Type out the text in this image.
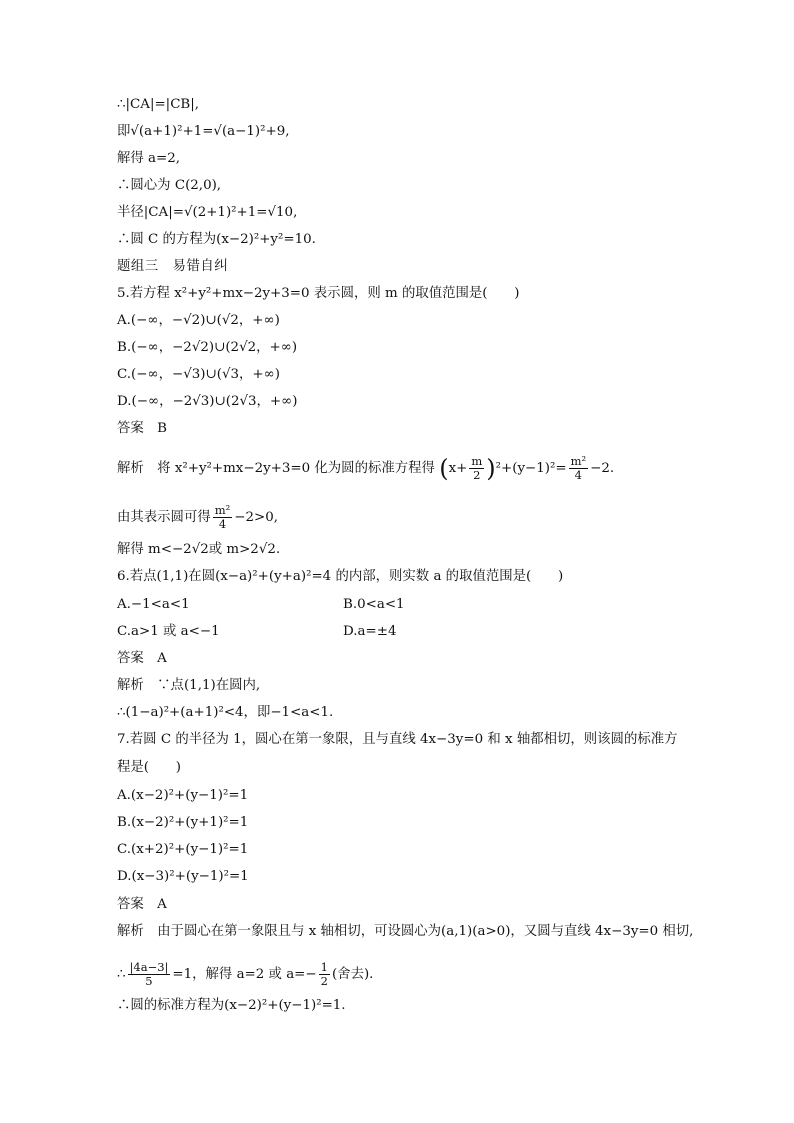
∴|CA|=|CB|,
即√(a+1)²+1=√(a−1)²+9,
解得 a=2,
∴圆心为 C(2,0),
半径|CA|=√(2+1)²+1=√10,
∴圆 C 的方程为(x−2)²+y²=10.
题组三　易错自纠
5.若方程 x²+y²+mx−2y+3=0 表示圆，则 m 的取值范围是(　　)
A.(−∞，−√2)∪(√2，+∞)
B.(−∞，−2√2)∪(2√2，+∞)
C.(−∞，−√3)∪(√3，+∞)
D.(−∞，−2√3)∪(2√3，+∞)
答案　B
解析　将 x²+y²+mx−2y+3=0 化为圆的标准方程得 $(x+ \frac{m}{2} )^2+(y-1)^2= \frac{\text{m²}}{4} -2$.
由其表示圆可得 $\frac{\text{m²}}{4} -2>0$,
解得 m<−2√2或 m>2√2.
6.若点(1,1)在圆(x−a)²+(y+a)²=4 的内部，则实数 a 的取值范围是(　　)
A.−1<a<1	B.0<a<1
C.a>1 或 a<−1	D.a=±4
答案　A
解析　∵点(1,1)在圆内,
∴(1−a)²+(a+1)²<4，即−1<a<1.
7.若圆 C 的半径为 1，圆心在第一象限，且与直线 4x−3y=0 和 x 轴都相切，则该圆的标准方
程是(　　)
A.(x−2)²+(y−1)²=1
B.(x−2)²+(y+1)²=1
C.(x+2)²+(y−1)²=1
D.(x−3)²+(y−1)²=1
答案　A
解析　由于圆心在第一象限且与 x 轴相切，可设圆心为(a,1)(a>0)，又圆与直线 4x−3y=0 相切,
∴ $\frac{|4a-3|}{5} =1$，解得 a=2 或 $a=- \frac{1}{2}$ (舍去).
∴圆的标准方程为(x−2)²+(y−1)²=1.
